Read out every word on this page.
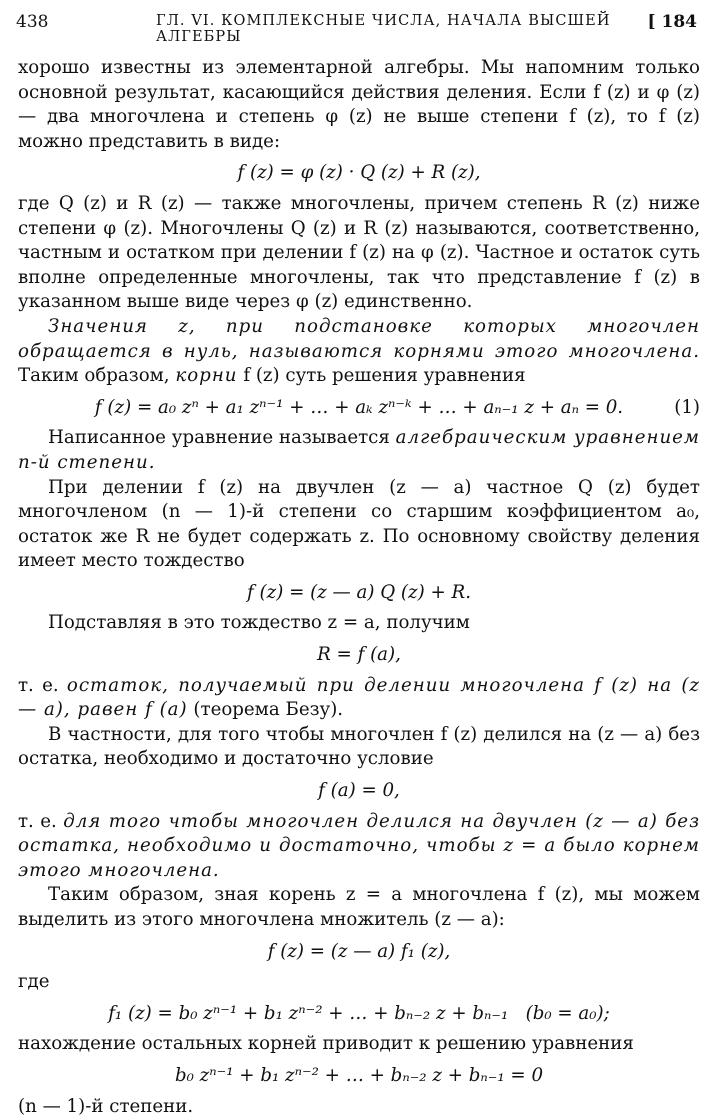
438	ГЛ. VI. КОМПЛЕКСНЫЕ ЧИСЛА, НАЧАЛА ВЫСШЕЙ АЛГЕБРЫ
[ 184

хорошо известны из элементарной алгебры. Мы напомним только основной результат, касающийся действия деления. Если f (z) и φ (z) — два многочлена и степень φ (z) не выше степени f (z), то f (z) можно представить в виде:

f (z) = φ (z) · Q (z) + R (z),

где Q (z) и R (z) — также многочлены, причем степень R (z) ниже степени φ (z). Многочлены Q (z) и R (z) называются, соответственно, частным и остатком при делении f (z) на φ (z). Частное и остаток суть вполне определенные многочлены, так что представление f (z) в указанном выше виде через φ (z) единственно.

Значения z, при подстановке которых многочлен обращается в нуль, называются корнями этого многочлена. Таким образом, корни f (z) суть решения уравнения

f (z) = a₀ zⁿ + a₁ zⁿ⁻¹ + … + aₖ zⁿ⁻ᵏ + … + aₙ₋₁ z + aₙ = 0.	(1)

Написанное уравнение называется алгебраическим уравнением n-й степени.

При делении f (z) на двучлен (z — a) частное Q (z) будет многочленом (n — 1)-й степени со старшим коэффициентом a₀, остаток же R не будет содержать z. По основному свойству деления имеет место тождество

f (z) = (z — a) Q (z) + R.

Подставляя в это тождество z = a, получим

R = f (a),

т. е. остаток, получаемый при делении многочлена f (z) на (z — a), равен f (a) (теорема Безу).

В частности, для того чтобы многочлен f (z) делился на (z — a) без остатка, необходимо и достаточно условие

f (a) = 0,

т. е. для того чтобы многочлен делился на двучлен (z — a) без остатка, необходимо и достаточно, чтобы z = a было корнем этого многочлена.

Таким образом, зная корень z = a многочлена f (z), мы можем выделить из этого многочлена множитель (z — a):

f (z) = (z — a) f₁ (z),

где

f₁ (z) = b₀ zⁿ⁻¹ + b₁ zⁿ⁻² + … + bₙ₋₂ z + bₙ₋₁   (b₀ = a₀);

нахождение остальных корней приводит к решению уравнения

b₀ zⁿ⁻¹ + b₁ zⁿ⁻² + … + bₙ₋₂ z + bₙ₋₁ = 0

(n — 1)-й степени.
